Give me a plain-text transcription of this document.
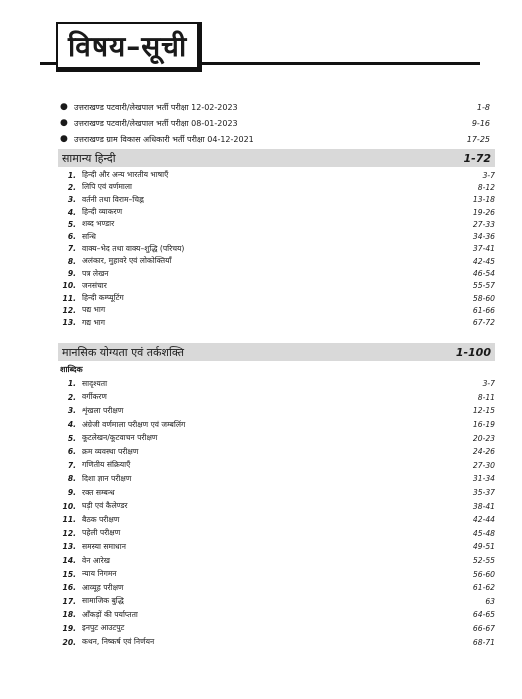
विषय–सूची
● उत्तराखण्ड पटवारी/लेखपाल भर्ती परीक्षा 12-02-2023	1-8
● उत्तराखण्ड पटवारी/लेखपाल भर्ती परीक्षा 08-01-2023	9-16
● उत्तराखण्ड ग्राम विकास अधिकारी भर्ती परीक्षा 04-12-2021	17-25
सामान्य हिन्दी	1-72
1. हिन्दी और अन्य भारतीय भाषाएँ	3-7
2. लिपि एवं वर्णमाला	8-12
3. वर्तनी तथा विराम–चिह्न	13-18
4. हिन्दी व्याकरण	19-26
5. शब्द भण्डार	27-33
6. सन्धि	34-36
7. वाक्य–भेद तथा वाक्य–शुद्धि (परिचय)	37-41
8. अलंकार, मुहावरे एवं लोकोक्तियाँ	42-45
9. पत्र लेखन	46-54
10. जनसंचार	55-57
11. हिन्दी कम्प्यूटिंग	58-60
12. पद्य भाग	61-66
13. गद्य भाग	67-72
मानसिक योग्यता एवं तर्कशक्ति	1-100
शाब्दिक
1. सादृश्यता	3-7
2. वर्गीकरण	8-11
3. शृंखला परीक्षण	12-15
4. अंग्रेजी वर्णमाला परीक्षण एवं जम्बलिंग	16-19
5. कूटलेखन/कूटवाचन परीक्षण	20-23
6. क्रम व्यवस्था परीक्षण	24-26
7. गणितीय संक्रियाएँ	27-30
8. दिशा ज्ञान परीक्षण	31-34
9. रक्त सम्बन्ध	35-37
10. घड़ी एवं कैलेण्डर	38-41
11. बैठक परीक्षण	42-44
12. पहेली परीक्षण	45-48
13. समस्या समाधान	49-51
14. वेन आरेख	52-55
15. न्याय निगमन	56-60
16. आव्यूह परीक्षण	61-62
17. सामाजिक बुद्धि	63
18. आँकड़ों की पर्याप्तता	64-65
19. इनपुट आउटपुट	66-67
20. कथन, निष्कर्ष एवं निर्णयन	68-71
